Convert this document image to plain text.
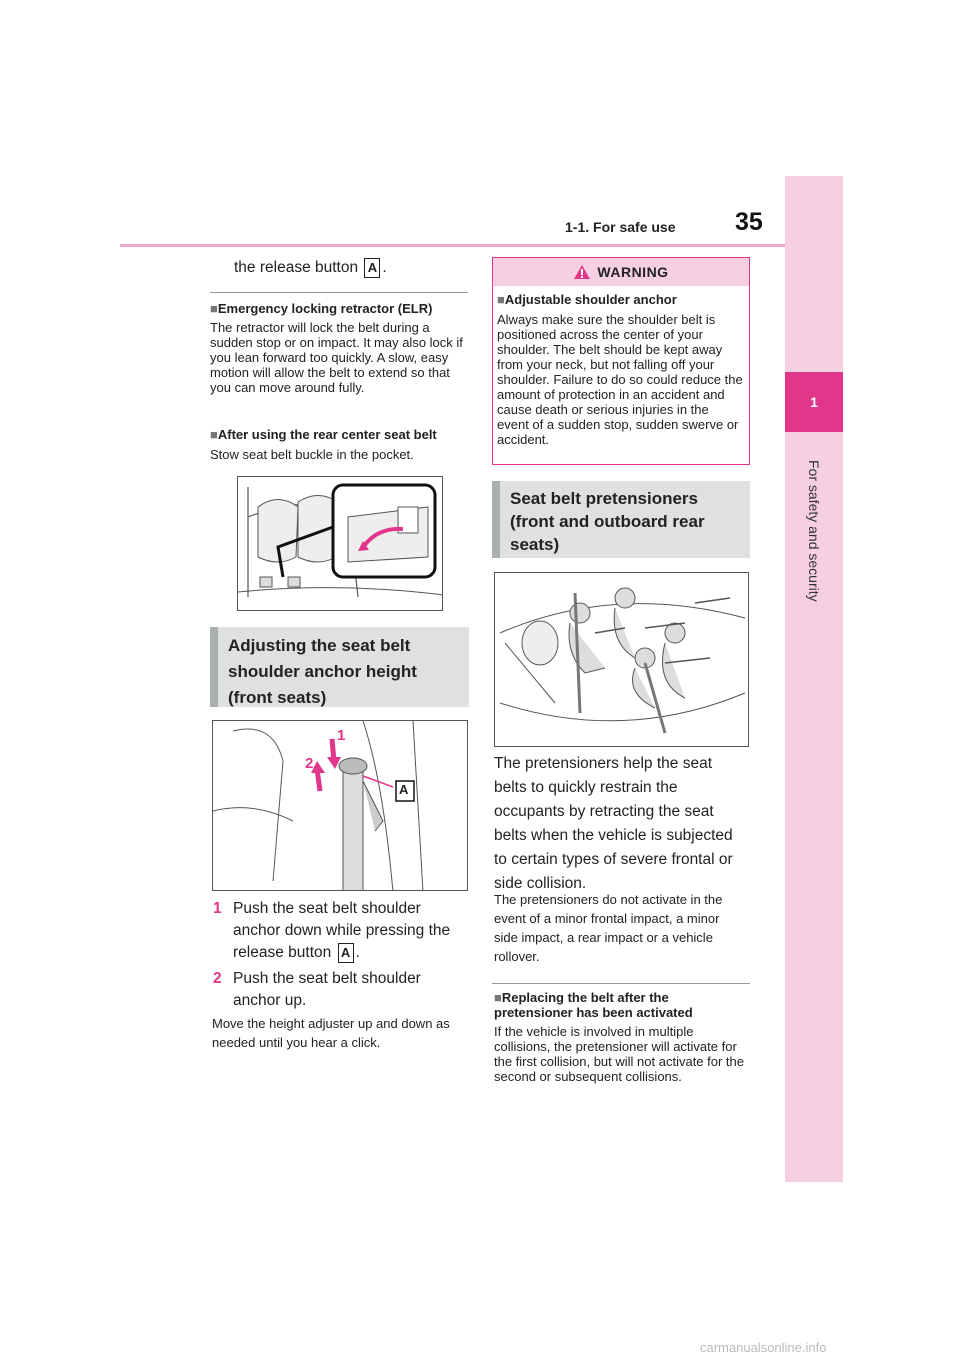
1
For safety and security
1-1. For safe use 35
the release button A .
■Emergency locking retractor (ELR)
The retractor will lock the belt during a sudden stop or on impact. It may also lock if you lean forward too quickly. A slow, easy motion will allow the belt to extend so that you can move around fully.
■After using the rear center seat belt
Stow seat belt buckle in the pocket.
Adjusting the seat belt shoulder anchor height (front seats)
1
2
A
1 Push the seat belt shoulder anchor down while pressing the release button A .
2 Push the seat belt shoulder anchor up.
Move the height adjuster up and down as needed until you hear a click.
WARNING
■Adjustable shoulder anchor
Always make sure the shoulder belt is positioned across the center of your shoulder. The belt should be kept away from your neck, but not falling off your shoulder. Failure to do so could reduce the amount of protection in an accident and cause death or serious injuries in the event of a sudden stop, sudden swerve or accident.
Seat belt pretensioners (front and outboard rear seats)
The pretensioners help the seat belts to quickly restrain the occupants by retracting the seat belts when the vehicle is subjected to certain types of severe frontal or side collision.
The pretensioners do not activate in the event of a minor frontal impact, a minor side impact, a rear impact or a vehicle rollover.
■Replacing the belt after the pretensioner has been activated
If the vehicle is involved in multiple collisions, the pretensioner will activate for the first collision, but will not activate for the second or subsequent collisions.
carmanualsonline.info
